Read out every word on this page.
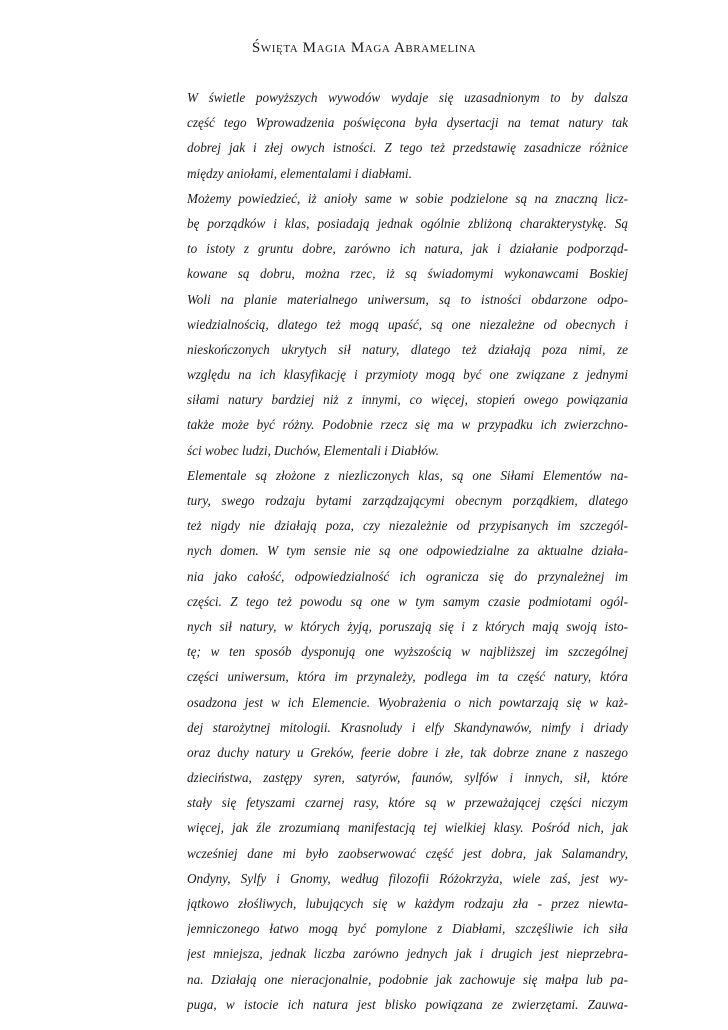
Święta Magia Maga Abramelina
W świetle powyższych wywodów wydaje się uzasadnionym to by dalsza
część tego Wprowadzenia poświęcona była dysertacji na temat natury tak
dobrej jak i złej owych istności. Z tego też przedstawię zasadnicze różnice
między aniołami, elementalami i diabłami.
Możemy powiedzieć, iż anioły same w sobie podzielone są na znaczną licz-
bę porządków i klas, posiadają jednak ogólnie zbliżoną charakterystykę. Są
to istoty z gruntu dobre, zarówno ich natura, jak i działanie podporząd-
kowane są dobru, można rzec, iż są świadomymi wykonawcami Boskiej
Woli na planie materialnego uniwersum, są to istności obdarzone odpo-
wiedzialnością, dlatego też mogą upaść, są one niezależne od obecnych i
nieskończonych ukrytych sił natury, dlatego też działają poza nimi, ze
względu na ich klasyfikację i przymioty mogą być one związane z jednymi
siłami natury bardziej niż z innymi, co więcej, stopień owego powiązania
także może być różny. Podobnie rzecz się ma w przypadku ich zwierzchno-
ści wobec ludzi, Duchów, Elementali i Diabłów.
Elementale są złożone z niezliczonych klas, są one Siłami Elementów na-
tury, swego rodzaju bytami zarządzającymi obecnym porządkiem, dlatego
też nigdy nie działają poza, czy niezależnie od przypisanych im szczegól-
nych domen. W tym sensie nie są one odpowiedzialne za aktualne działa-
nia jako całość, odpowiedzialność ich ogranicza się do przynależnej im
części. Z tego też powodu są one w tym samym czasie podmiotami ogól-
nych sił natury, w których żyją, poruszają się i z których mają swoją isto-
tę; w ten sposób dysponują one wyższością w najbliższej im szczególnej
części uniwersum, która im przynależy, podlega im ta część natury, która
osadzona jest w ich Elemencie. Wyobrażenia o nich powtarzają się w każ-
dej starożytnej mitologii. Krasnoludy i elfy Skandynawów, nimfy i driady
oraz duchy natury u Greków, feerie dobre i złe, tak dobrze znane z naszego
dzieciństwa, zastępy syren, satyrów, faunów, sylfów i innych, sił, które
stały się fetyszami czarnej rasy, które są w przeważającej części niczym
więcej, jak źle zrozumianą manifestacją tej wielkiej klasy. Pośród nich, jak
wcześniej dane mi było zaobserwować część jest dobra, jak Salamandry,
Ondyny, Sylfy i Gnomy, według filozofii Różokrzyża, wiele zaś, jest wy-
jątkowo złośliwych, lubujących się w każdym rodzaju zła - przez niewta-
jemniczonego łatwo mogą być pomylone z Diabłami, szczęśliwie ich siła
jest mniejsza, jednak liczba zarówno jednych jak i drugich jest nieprzebra-
na. Działają one nieracjonalnie, podobnie jak zachowuje się małpa lub pa-
puga, w istocie ich natura jest blisko powiązana ze zwierzętami. Zauwa-
